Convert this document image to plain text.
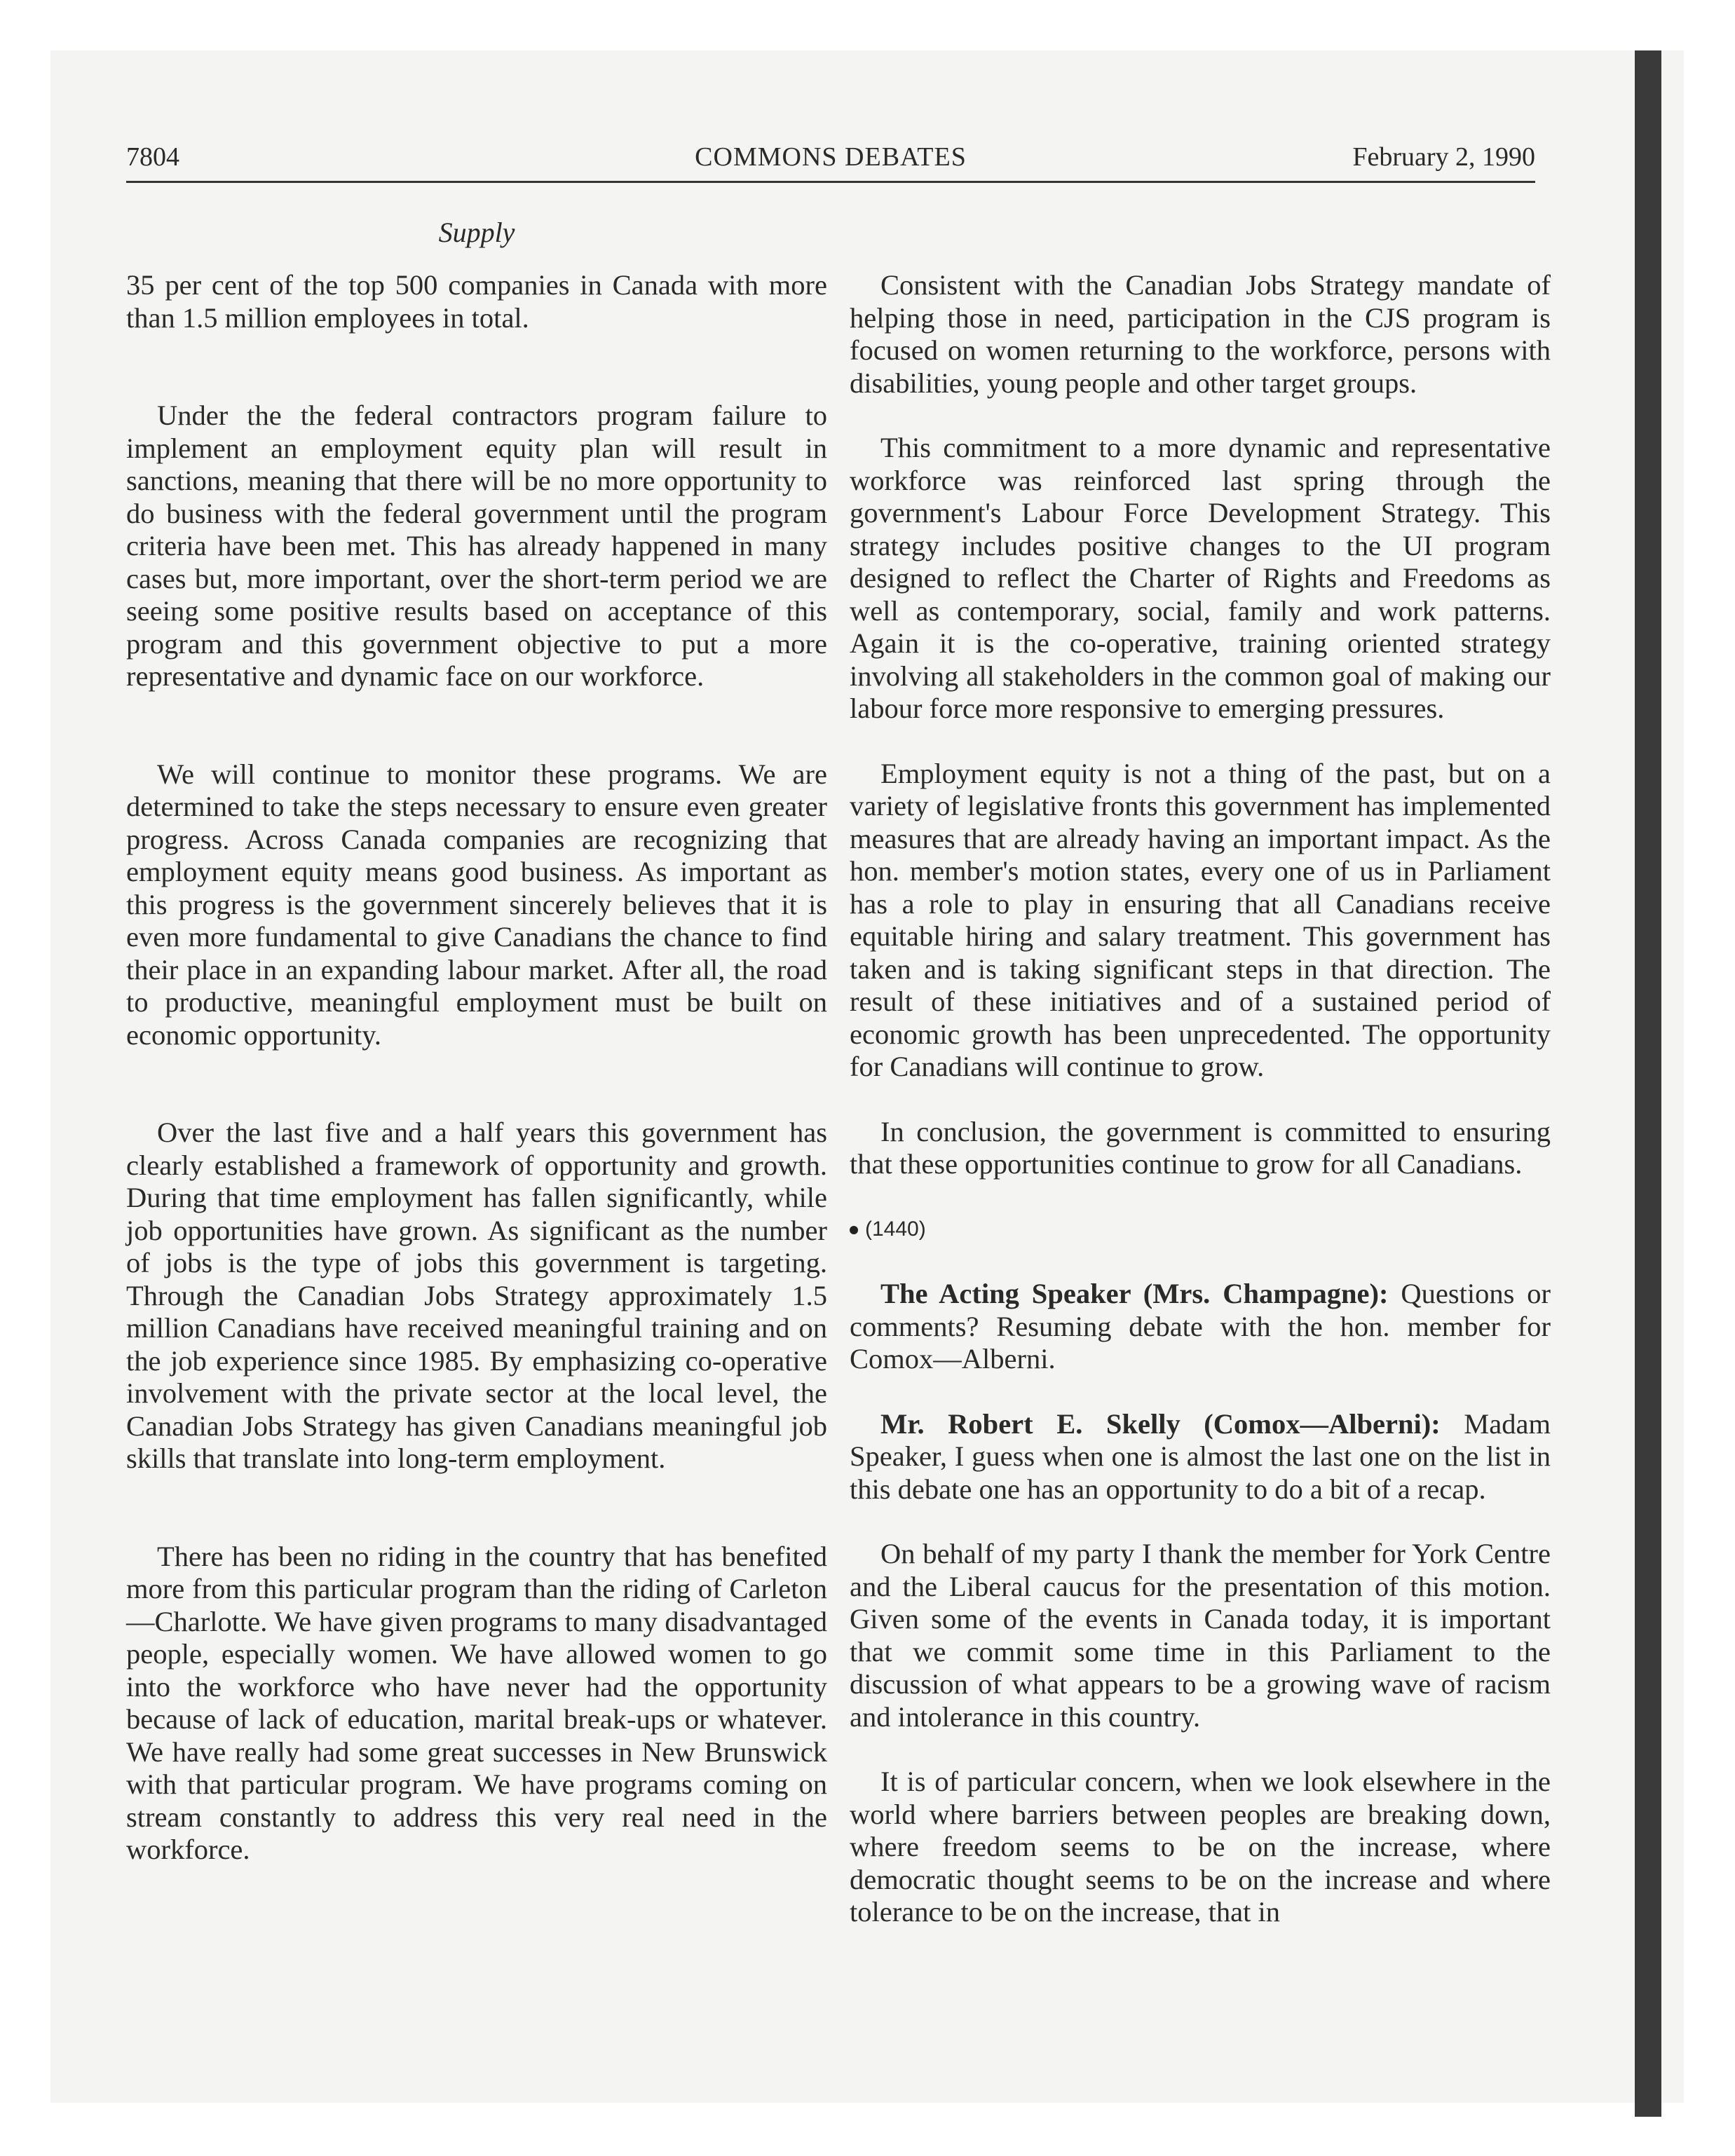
7804	COMMONS DEBATES	February 2, 1990
Supply

35 per cent of the top 500 companies in Canada with more than 1.5 million employees in total.

Under the the federal contractors program failure to implement an employment equity plan will result in sanctions, meaning that there will be no more opportunity to do business with the federal government until the program criteria have been met. This has already happened in many cases but, more important, over the short-term period we are seeing some positive results based on acceptance of this program and this government objective to put a more representative and dynamic face on our workforce.

We will continue to monitor these programs. We are determined to take the steps necessary to ensure even greater progress. Across Canada companies are recognizing that employment equity means good business. As important as this progress is the government sincerely believes that it is even more fundamental to give Canadians the chance to find their place in an expanding labour market. After all, the road to productive, meaningful employment must be built on economic opportunity.

Over the last five and a half years this government has clearly established a framework of opportunity and growth. During that time employment has fallen significantly, while job opportunities have grown. As significant as the number of jobs is the type of jobs this government is targeting. Through the Canadian Jobs Strategy approximately 1.5 million Canadians have received meaningful training and on the job experience since 1985. By emphasizing co-operative involvement with the private sector at the local level, the Canadian Jobs Strategy has given Canadians meaningful job skills that translate into long-term employment.

There has been no riding in the country that has benefited more from this particular program than the riding of Carleton—Charlotte. We have given programs to many disadvantaged people, especially women. We have allowed women to go into the workforce who have never had the opportunity because of lack of education, marital break-ups or whatever. We have really had some great successes in New Brunswick with that particular program. We have programs coming on stream constantly to address this very real need in the workforce.

Consistent with the Canadian Jobs Strategy mandate of helping those in need, participation in the CJS program is focused on women returning to the workforce, persons with disabilities, young people and other target groups.

This commitment to a more dynamic and representative workforce was reinforced last spring through the government's Labour Force Development Strategy. This strategy includes positive changes to the UI program designed to reflect the Charter of Rights and Freedoms as well as contemporary, social, family and work patterns. Again it is the co-operative, training oriented strategy involving all stakeholders in the common goal of making our labour force more responsive to emerging pressures.

Employment equity is not a thing of the past, but on a variety of legislative fronts this government has implemented measures that are already having an important impact. As the hon. member's motion states, every one of us in Parliament has a role to play in ensuring that all Canadians receive equitable hiring and salary treatment. This government has taken and is taking significant steps in that direction. The result of these initiatives and of a sustained period of economic growth has been unprecedented. The opportunity for Canadians will continue to grow.

In conclusion, the government is committed to ensuring that these opportunities continue to grow for all Canadians.

(1440)

The Acting Speaker (Mrs. Champagne): Questions or comments? Resuming debate with the hon. member for Comox—Alberni.

Mr. Robert E. Skelly (Comox—Alberni): Madam Speaker, I guess when one is almost the last one on the list in this debate one has an opportunity to do a bit of a recap.

On behalf of my party I thank the member for York Centre and the Liberal caucus for the presentation of this motion. Given some of the events in Canada today, it is important that we commit some time in this Parliament to the discussion of what appears to be a growing wave of racism and intolerance in this country.

It is of particular concern, when we look elsewhere in the world where barriers between peoples are breaking down, where freedom seems to be on the increase, where democratic thought seems to be on the increase and where tolerance to be on the increase, that in
